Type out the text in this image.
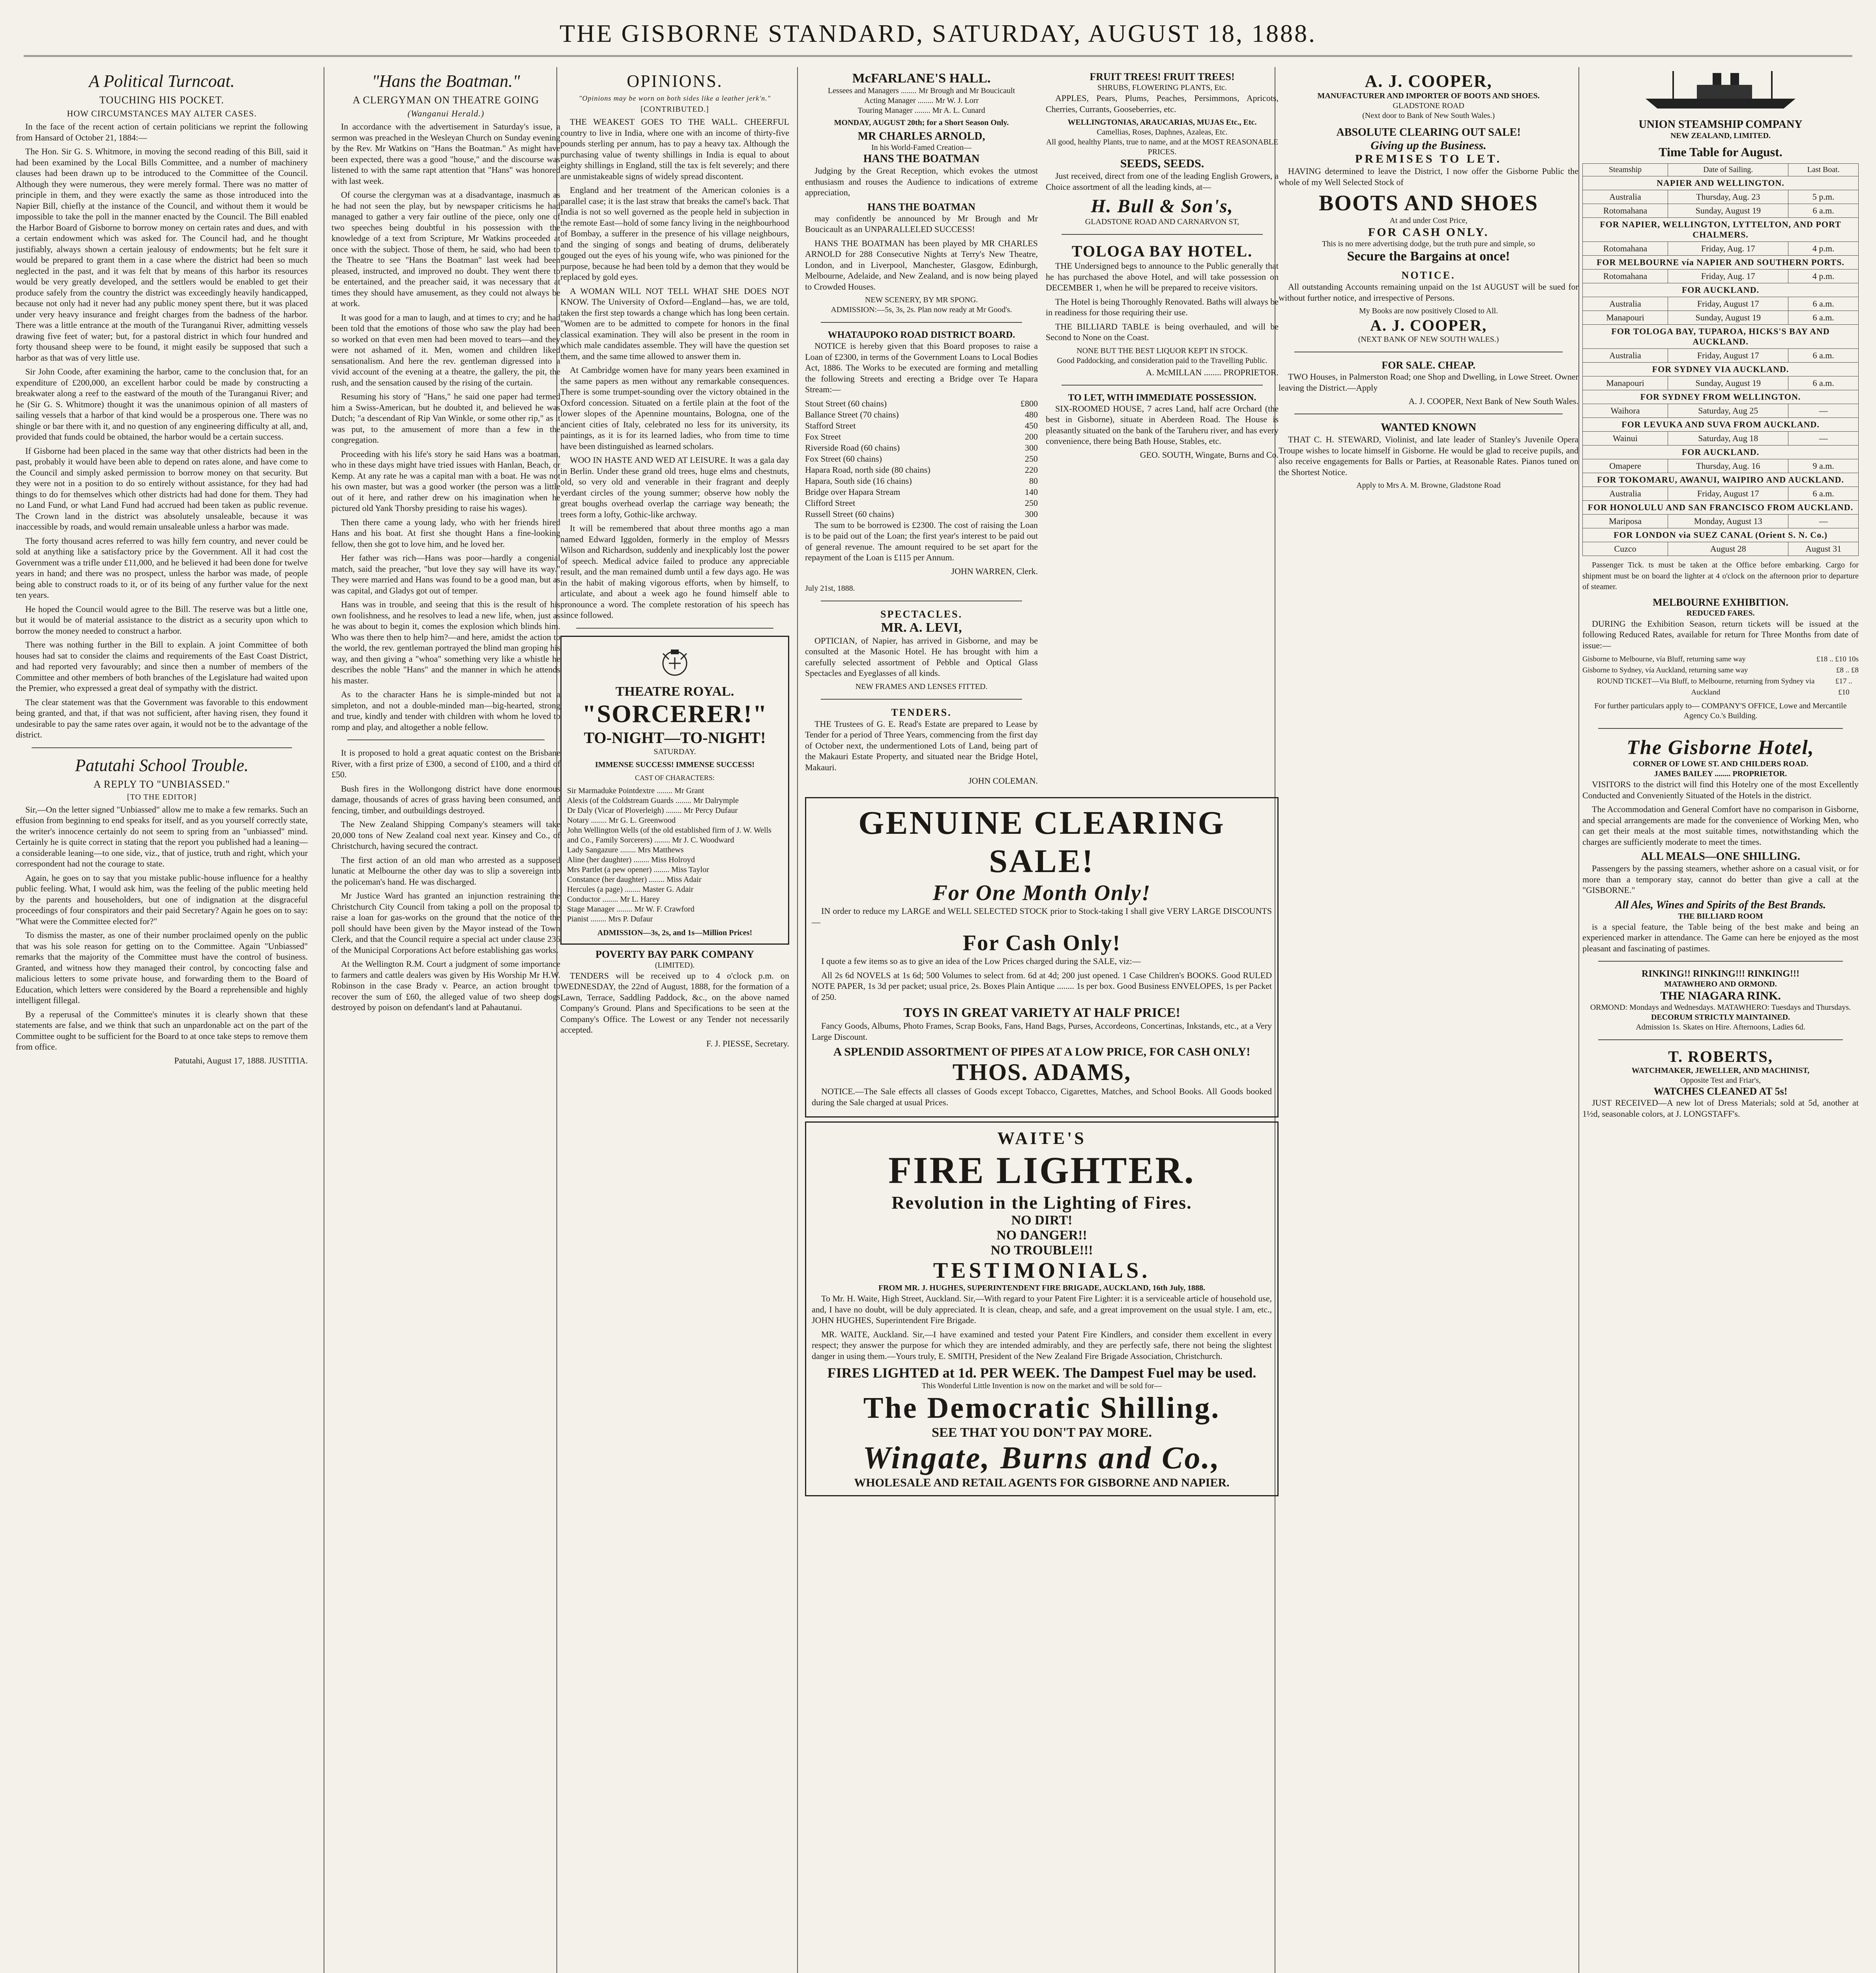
THE GISBORNE STANDARD, SATURDAY, AUGUST 18, 1888.
A Political Turncoat.
TOUCHING HIS POCKET.
HOW CIRCUMSTANCES MAY ALTER CASES.

In the face of the recent action of certain politicians we reprint the following from Hansard of October 21, 1884:—

The Hon. Sir G. S. Whitmore, in moving the second reading of this Bill, said it had been examined by the Local Bills Committee, and a number of machinery clauses had been drawn up to be introduced to the Committee of the Council. Although they were numerous, they were merely formal. There was no matter of principle in them, and they were exactly the same as those introduced into the Napier Bill, chiefly at the instance of the Council, and without them it would be impossible to take the poll in the manner enacted by the Council. The Bill enabled the Harbor Board of Gisborne to borrow money on certain rates and dues, and with a certain endowment which was asked for. The Council had, and he thought justifiably, always shown a certain jealousy of endowments; but he felt sure it would be prepared to grant them in a case where the district had been so much neglected in the past, and it was felt that by means of this harbor its resources would be very greatly developed, and the settlers would be enabled to get their produce safely from the country the district was exceedingly heavily handicapped, because not only had it never had any public money spent there, but it was placed under very heavy insurance and freight charges from the badness of the harbor. There was a little entrance at the mouth of the Turanganui River, admitting vessels drawing five feet of water; but, for a pastoral district in which four hundred and forty thousand sheep were to be found, it might easily be supposed that such a harbor as that was of very little use.

Sir John Coode, after examining the harbor, came to the conclusion that, for an expenditure of £200,000, an excellent harbor could be made by constructing a breakwater along a reef to the eastward of the mouth of the Turanganui River; and he (Sir G. S. Whitmore) thought it was the unanimous opinion of all masters of sailing vessels that a harbor of that kind would be a prosperous one. There was no shingle or bar there with it, and no question of any engineering difficulty at all, and, provided that funds could be obtained, the harbor would be a certain success.

If Gisborne had been placed in the same way that other districts had been in the past, probably it would have been able to depend on rates alone, and have come to the Council and simply asked permission to borrow money on that security. But they were not in a position to do so entirely without assistance, for they had had things to do for themselves which other districts had had done for them. They had no Land Fund, or what Land Fund had accrued had been taken as public revenue. The Crown land in the district was absolutely unsaleable, because it was inaccessible by roads, and would remain unsaleable unless a harbor was made.

The forty thousand acres referred to was hilly fern country, and never could be sold at anything like a satisfactory price by the Government. All it had cost the Government was a trifle under £11,000, and he believed it had been done for twelve years in hand; and there was no prospect, unless the harbor was made, of people being able to construct roads to it, or of its being of any further value for the next ten years.

He hoped the Council would agree to the Bill. The reserve was but a little one, but it would be of material assistance to the district as a security upon which to borrow the money needed to construct a harbor.

There was nothing further in the Bill to explain. A joint Committee of both houses had sat to consider the claims and requirements of the East Coast District, and had reported very favourably; and since then a number of members of the Committee and other members of both branches of the Legislature had waited upon the Premier, who expressed a great deal of sympathy with the district.

The clear statement was that the Government was favorable to this endowment being granted, and that, if that was not sufficient, after having risen, they found it undesirable to pay the same rates over again, it would not be to the advantage of the district.

Patutahi School Trouble.
A REPLY TO "UNBIASSED."
[TO THE EDITOR]

Sir,—On the letter signed "Unbiassed" allow me to make a few remarks. Such an effusion from beginning to end speaks for itself, and as you yourself correctly state, the writer's innocence certainly do not seem to spring from an "unbiassed" mind. Certainly he is quite correct in stating that the report you published had a leaning—a considerable leaning—to one side, viz., that of justice, truth and right, which your correspondent had not the courage to state.

Again, he goes on to say that you mistake public-house influence for a healthy public feeling. What, I would ask him, was the feeling of the public meeting held by the parents and householders, but one of indignation at the disgraceful proceedings of four conspirators and their paid Secretary? Again he goes on to say: "What were the Committee elected for?"

To dismiss the master, as one of their number proclaimed openly on the public that was his sole reason for getting on to the Committee. Again "Unbiassed" remarks that the majority of the Committee must have the control of business. Granted, and witness how they managed their control, by concocting false and malicious letters to some private house, and forwarding them to the Board of Education, which letters were considered by the Board a reprehensible and highly intelligent fillegal.

By a reperusal of the Committee's minutes it is clearly shown that these statements are false, and we think that such an unpardonable act on the part of the Committee ought to be sufficient for the Board to at once take steps to remove them from office.

Patutahi, August 17, 1888. JUSTITIA.
"Hans the Boatman."
A CLERGYMAN ON THEATRE GOING
(Wanganui Herald.)

In accordance with the advertisement in Saturday's issue, a sermon was preached in the Wesleyan Church on Sunday evening by the Rev. Mr Watkins on "Hans the Boatman." As might have been expected, there was a good "house," and the discourse was listened to with the same rapt attention that "Hans" was honored with last week.

Of course the clergyman was at a disadvantage, inasmuch as he had not seen the play, but by newspaper criticisms he had managed to gather a very fair outline of the piece, only one of two speeches being doubtful in his possession with the knowledge of a text from Scripture, Mr Watkins proceeded at once with the subject. Those of them, he said, who had been to the Theatre to see "Hans the Boatman" last week had been pleased, instructed, and improved no doubt. They went there to be entertained, and the preacher said, it was necessary that at times they should have amusement, as they could not always be at work.

It was good for a man to laugh, and at times to cry; and he had been told that the emotions of those who saw the play had been so worked on that even men had been moved to tears—and they were not ashamed of it. Men, women and children liked sensationalism. And here the rev. gentleman digressed into a vivid account of the evening at a theatre, the gallery, the pit, the rush, and the sensation caused by the rising of the curtain.

Resuming his story of "Hans," he said one paper had termed him a Swiss-American, but he doubted it, and believed he was Dutch; "a descendant of Rip Van Winkle, or some other rip," as it was put, to the amusement of more than a few in the congregation.

Proceeding with his life's story he said Hans was a boatman, who in these days might have tried issues with Hanlan, Beach, or Kemp. At any rate he was a capital man with a boat. He was not his own master, but was a good worker (the person was a little out of it here, and rather drew on his imagination when he pictured old Yank Thorsby presiding to raise his wages).

Then there came a young lady, who with her friends hired Hans and his boat. At first she thought Hans a fine-looking fellow, then she got to love him, and he loved her.

Her father was rich—Hans was poor—hardly a congenial match, said the preacher, "but love they say will have its way." They were married and Hans was found to be a good man, but as was capital, and Gladys got out of temper.

Hans was in trouble, and seeing that this is the result of his own foolishness, and he resolves to lead a new life, when, just as he was about to begin it, comes the explosion which blinds him. Who was there then to help him?—and here, amidst the action to the world, the rev. gentleman portrayed the blind man groping his way, and then giving a "whoa" something very like a whistle he describes the noble "Hans" and the manner in which he attends his master.

As to the character Hans he is simple-minded but not a simpleton, and not a double-minded man—big-hearted, strong and true, kindly and tender with children with whom he loved to romp and play, and altogether a noble fellow.

It is proposed to hold a great aquatic contest on the Brisbane River, with a first prize of £300, a second of £100, and a third of £50.

Bush fires in the Wollongong district have done enormous damage, thousands of acres of grass having been consumed, and fencing, timber, and outbuildings destroyed.

The New Zealand Shipping Company's steamers will take 20,000 tons of New Zealand coal next year. Kinsey and Co., of Christchurch, having secured the contract.

The first action of an old man who arrested as a supposed lunatic at Melbourne the other day was to slip a sovereign into the policeman's hand. He was discharged.

Mr Justice Ward has granted an injunction restraining the Christchurch City Council from taking a poll on the proposal to raise a loan for gas-works on the ground that the notice of the poll should have been given by the Mayor instead of the Town Clerk, and that the Council require a special act under clause 236 of the Municipal Corporations Act before establishing gas works.

At the Wellington R.M. Court a judgment of some importance to farmers and cattle dealers was given by His Worship Mr H.W. Robinson in the case Brady v. Pearce, an action brought to recover the sum of £60, the alleged value of two sheep dogs destroyed by poison on defendant's land at Pahautanui.

OPINIONS.
"Opinions may be worn on both sides like a leather jerk'n."
[CONTRIBUTED.]

THE WEAKEST GOES TO THE WALL. CHEERFUL country to live in India, where one with an income of thirty-five pounds sterling per annum, has to pay a heavy tax. Although the purchasing value of twenty shillings in India is equal to about eighty shillings in England, still the tax is felt severely; and there are unmistakeable signs of widely spread discontent.

England and her treatment of the American colonies is a parallel case; it is the last straw that breaks the camel's back. That India is not so well governed as the people held in subjection in the remote East—hold of some fancy living in the neighbourhood of Bombay, a sufferer in the presence of his village neighbours, and the singing of songs and beating of drums, deliberately gouged out the eyes of his young wife, who was pinioned for the purpose, because he had been told by a demon that they would be replaced by gold eyes.

A WOMAN WILL NOT TELL WHAT SHE DOES NOT KNOW. The University of Oxford—England—has, we are told, taken the first step towards a change which has long been certain. "Women are to be admitted to compete for honors in the final classical examination. They will also be present in the room in which male candidates assemble. They will have the question set them, and the same time allowed to answer them in.

At Cambridge women have for many years been examined in the same papers as men without any remarkable consequences. There is some trumpet-sounding over the victory obtained in the Oxford concession. Situated on a fertile plain at the foot of the lower slopes of the Apennine mountains, Bologna, one of the ancient cities of Italy, celebrated no less for its university, its paintings, as it is for its learned ladies, who from time to time have been distinguished as learned scholars.

WOO IN HASTE AND WED AT LEISURE. It was a gala day in Berlin. Under these grand old trees, huge elms and chestnuts, old, so very old and venerable in their fragrant and deeply verdant circles of the young summer; observe how nobly the great boughs overhead overlap the carriage way beneath; the trees form a lofty, Gothic-like archway.

It will be remembered that about three months ago a man named Edward Iggolden, formerly in the employ of Messrs Wilson and Richardson, suddenly and inexplicably lost the power of speech. Medical advice failed to produce any appreciable result, and the man remained dumb until a few days ago. He was in the habit of making vigorous efforts, when by himself, to articulate, and about a week ago he found himself able to pronounce a word. The complete restoration of his speech has since followed.

THEATRE ROYAL.
"SORCERER!"
TO-NIGHT—TO-NIGHT!
SATURDAY.
IMMENSE SUCCESS! IMMENSE SUCCESS!
CAST OF CHARACTERS:
Sir Marmaduke Pointdextre ........ Mr Grant
Alexis (of the Coldstream Guards ........ Mr Dalrymple
Dr Daly (Vicar of Ploverleigh) ........ Mr Percy Dufaur
Notary ........ Mr G. L. Greenwood
John Wellington Wells (of the old established firm of J. W. Wells and Co., Family Sorcerers) ........ Mr J. C. Woodward
Lady Sangazure ........ Mrs Matthews
Aline (her daughter) ........ Miss Holroyd
Mrs Partlet (a pew opener) ........ Miss Taylor
Constance (her daughter) ........ Miss Adair
Hercules (a page) ........ Master G. Adair
Conductor ........ Mr L. Harey
Stage Manager ........ Mr W. F. Crawford
Pianist ........ Mrs P. Dufaur
ADMISSION—3s, 2s, and 1s—Million Prices!
POVERTY BAY PARK COMPANY
(LIMITED).

TENDERS will be received up to 4 o'clock p.m. on WEDNESDAY, the 22nd of August, 1888, for the formation of a Lawn, Terrace, Saddling Paddock, &c., on the above named Company's Ground. Plans and Specifications to be seen at the Company's Office. The Lowest or any Tender not necessarily accepted.

F. J. PIESSE, Secretary.
McFARLANE'S HALL.
Lessees and Managers ........ Mr Brough and Mr Boucicault
Acting Manager ........ Mr W. J. Lorr
Touring Manager ........ Mr A. L. Cunard
MONDAY, AUGUST 20th; for a Short Season Only.
MR CHARLES ARNOLD,
In his World-Famed Creation—
HANS THE BOATMAN

Judging by the Great Reception, which evokes the utmost enthusiasm and rouses the Audience to indications of extreme appreciation,

HANS THE BOATMAN

may confidently be announced by Mr Brough and Mr Boucicault as an UNPARALLELED SUCCESS!

HANS THE BOATMAN has been played by MR CHARLES ARNOLD for 288 Consecutive Nights at Terry's New Theatre, London, and in Liverpool, Manchester, Glasgow, Edinburgh, Melbourne, Adelaide, and New Zealand, and is now being played to Crowded Houses.

NEW SCENERY, BY MR SPONG.
ADMISSION:—5s, 3s, 2s. Plan now ready at Mr Good's.
WHATAUPOKO ROAD DISTRICT BOARD.

NOTICE is hereby given that this Board proposes to raise a Loan of £2300, in terms of the Government Loans to Local Bodies Act, 1886. The Works to be executed are forming and metalling the following Streets and erecting a Bridge over Te Hapara Stream:—

Stout Street (60 chains)	£800
Ballance Street (70 chains)	480
Stafford Street	450
Fox Street	200
Riverside Road (60 chains)	300
Fox Street (60 chains)	250
Hapara Road, north side (80 chains)	220
Hapara, South side (16 chains)	80
Bridge over Hapara Stream	140
Clifford Street	250
Russell Street (60 chains)	300

The sum to be borrowed is £2300. The cost of raising the Loan is to be paid out of the Loan; the first year's interest to be paid out of general revenue. The amount required to be set apart for the repayment of the Loan is £115 per Annum.

JOHN WARREN, Clerk.
July 21st, 1888.
SPECTACLES.
MR. A. LEVI,

OPTICIAN, of Napier, has arrived in Gisborne, and may be consulted at the Masonic Hotel. He has brought with him a carefully selected assortment of Pebble and Optical Glass Spectacles and Eyeglasses of all kinds.

NEW FRAMES AND LENSES FITTED.
TENDERS.

THE Trustees of G. E. Read's Estate are prepared to Lease by Tender for a period of Three Years, commencing from the first day of October next, the undermentioned Lots of Land, being part of the Makauri Estate Property, and situated near the Bridge Hotel, Makauri.

JOHN COLEMAN.
FRUIT TREES! FRUIT TREES!
SHRUBS, FLOWERING PLANTS, Etc.

APPLES, Pears, Plums, Peaches, Persimmons, Apricots, Cherries, Currants, Gooseberries, etc.

WELLINGTONIAS, ARAUCARIAS, MUJAS Etc., Etc.
Camellias, Roses, Daphnes, Azaleas, Etc.
All good, healthy Plants, true to name, and at the MOST REASONABLE PRICES.
SEEDS, SEEDS.

Just received, direct from one of the leading English Growers, a Choice assortment of all the leading kinds, at—

H. Bull & Son's,
GLADSTONE ROAD AND CARNARVON ST,
TOLOGA BAY HOTEL.

THE Undersigned begs to announce to the Public generally that he has purchased the above Hotel, and will take possession on DECEMBER 1, when he will be prepared to receive visitors.

The Hotel is being Thoroughly Renovated. Baths will always be in readiness for those requiring their use.

THE BILLIARD TABLE is being overhauled, and will be Second to None on the Coast.

NONE BUT THE BEST LIQUOR KEPT IN STOCK.
Good Paddocking, and consideration paid to the Travelling Public.
A. McMILLAN ........ PROPRIETOR.
TO LET, WITH IMMEDIATE POSSESSION.

SIX-ROOMED HOUSE, 7 acres Land, half acre Orchard (the best in Gisborne), situate in Aberdeen Road. The House is pleasantly situated on the bank of the Taruheru river, and has every convenience, there being Bath House, Stables, etc.

GEO. SOUTH, Wingate, Burns and Co.
GENUINE CLEARING SALE!
For One Month Only!

IN order to reduce my LARGE and WELL SELECTED STOCK prior to Stock-taking I shall give VERY LARGE DISCOUNTS—

For Cash Only!

I quote a few items so as to give an idea of the Low Prices charged during the SALE, viz:—

All 2s 6d NOVELS at 1s 6d; 500 Volumes to select from. 6d at 4d; 200 just opened. 1 Case Children's BOOKS. Good RULED NOTE PAPER, 1s 3d per packet; usual price, 2s. Boxes Plain Antique ........ 1s per box. Good Business ENVELOPES, 1s per Packet of 250.

TOYS IN GREAT VARIETY AT HALF PRICE!

Fancy Goods, Albums, Photo Frames, Scrap Books, Fans, Hand Bags, Purses, Accordeons, Concertinas, Inkstands, etc., at a Very Large Discount.

A SPLENDID ASSORTMENT OF PIPES AT A LOW PRICE, FOR CASH ONLY!
THOS. ADAMS,

NOTICE.—The Sale effects all classes of Goods except Tobacco, Cigarettes, Matches, and School Books. All Goods booked during the Sale charged at usual Prices.

WAITE'S
FIRE LIGHTER.
Revolution in the Lighting of Fires.
NO DIRT!
NO DANGER!!
NO TROUBLE!!!
TESTIMONIALS.
FROM MR. J. HUGHES, SUPERINTENDENT FIRE BRIGADE, AUCKLAND, 16th July, 1888.

To Mr. H. Waite, High Street, Auckland. Sir,—With regard to your Patent Fire Lighter: it is a serviceable article of household use, and, I have no doubt, will be duly appreciated. It is clean, cheap, and safe, and a great improvement on the usual style. I am, etc., JOHN HUGHES, Superintendent Fire Brigade.

MR. WAITE, Auckland. Sir,—I have examined and tested your Patent Fire Kindlers, and consider them excellent in every respect; they answer the purpose for which they are intended admirably, and they are perfectly safe, there not being the slightest danger in using them.—Yours truly, E. SMITH, President of the New Zealand Fire Brigade Association, Christchurch.

FIRES LIGHTED at 1d. PER WEEK. The Dampest Fuel may be used.
This Wonderful Little Invention is now on the market and will be sold for—
The Democratic Shilling.
SEE THAT YOU DON'T PAY MORE.
Wingate, Burns and Co.,
WHOLESALE AND RETAIL AGENTS FOR GISBORNE AND NAPIER.
A. J. COOPER,
MANUFACTURER AND IMPORTER OF BOOTS AND SHOES.
GLADSTONE ROAD
(Next door to Bank of New South Wales.)
ABSOLUTE CLEARING OUT SALE!
Giving up the Business.
PREMISES TO LET.

HAVING determined to leave the District, I now offer the Gisborne Public the whole of my Well Selected Stock of

BOOTS AND SHOES
At and under Cost Price,
FOR CASH ONLY.
This is no mere advertising dodge, but the truth pure and simple, so
Secure the Bargains at once!
NOTICE.

All outstanding Accounts remaining unpaid on the 1st AUGUST will be sued for without further notice, and irrespective of Persons.

My Books are now positively Closed to All.
A. J. COOPER,
(NEXT BANK OF NEW SOUTH WALES.)
FOR SALE. CHEAP.

TWO Houses, in Palmerston Road; one Shop and Dwelling, in Lowe Street. Owner leaving the District.—Apply

A. J. COOPER, Next Bank of New South Wales.
WANTED KNOWN

THAT C. H. STEWARD, Violinist, and late leader of Stanley's Juvenile Opera Troupe wishes to locate himself in Gisborne. He would be glad to receive pupils, and also receive engagements for Balls or Parties, at Reasonable Rates. Pianos tuned on the Shortest Notice.

Apply to Mrs A. M. Browne, Gladstone Road
UNION STEAMSHIP COMPANY
NEW ZEALAND, LIMITED.
Time Table for August.
Steamship	Date of Sailing.	Last Boat.
NAPIER AND WELLINGTON.		
Australia	Thursday, Aug. 23	5 p.m.
Rotomahana	Sunday, August 19	6 a.m.
FOR NAPIER, WELLINGTON, LYTTELTON, AND PORT CHALMERS.		
Rotomahana	Friday, Aug. 17	4 p.m.
FOR MELBOURNE vía NAPIER AND SOUTHERN PORTS.		
Rotomahana	Friday, Aug. 17	4 p.m.
FOR AUCKLAND.		
Australia	Friday, August 17	6 a.m.
Manapouri	Sunday, August 19	6 a.m.
FOR TOLOGA BAY, TUPAROA, HICKS'S BAY AND AUCKLAND.		
Australia	Friday, August 17	6 a.m.
FOR SYDNEY VIA AUCKLAND.		
Manapouri	Sunday, August 19	6 a.m.
FOR SYDNEY FROM WELLINGTON.		
Waihora	Saturday, Aug 25	—
FOR LEVUKA AND SUVA FROM AUCKLAND.		
Wainui	Saturday, Aug 18	—
FOR AUCKLAND.		
Omapere	Thursday, Aug. 16	9 a.m.
FOR TOKOMARU, AWANUI, WAIPIRO AND AUCKLAND.		
Australia	Friday, August 17	6 a.m.
FOR HONOLULU AND SAN FRANCISCO FROM AUCKLAND.		
Mariposa	Monday, August 13	—
FOR LONDON via SUEZ CANAL (Orient S. N. Co.)		
Cuzco	August 28	August 31

Passenger Tick. ts must be taken at the Office before embarking. Cargo for shipment must be on board the lighter at 4 o'clock on the afternoon prior to departure of steamer.

MELBOURNE EXHIBITION.
REDUCED FARES.

DURING the Exhibition Season, return tickets will be issued at the following Reduced Rates, available for return for Three Months from date of issue:—

Gisborne to Melbourne, vía Bluff, returning same way	£18 .. £10 10s
Gisborne to Sydney, vía Auckland, returning same way	£8 .. £8
ROUND TICKET—Via Bluff, to Melbourne, returning from Sydney via Auckland
£17 .. £10
For further particulars apply to— COMPANY'S OFFICE, Lowe and Mercantile Agency Co.'s Building.
The Gisborne Hotel,
CORNER OF LOWE ST. AND CHILDERS ROAD.
JAMES BAILEY ........ PROPRIETOR.

VISITORS to the district will find this Hotelry one of the most Excellently Conducted and Conveniently Situated of the Hotels in the district.

The Accommodation and General Comfort have no comparison in Gisborne, and special arrangements are made for the convenience of Working Men, who can get their meals at the most suitable times, notwithstanding which the charges are sufficiently moderate to meet the times.

ALL MEALS—ONE SHILLING.

Passengers by the passing steamers, whether ashore on a casual visit, or for more than a temporary stay, cannot do better than give a call at the "GISBORNE."

All Ales, Wines and Spirits of the Best Brands.
THE BILLIARD ROOM

is a special feature, the Table being of the best make and being an experienced marker in attendance. The Game can here be enjoyed as the most pleasant and fascinating of pastimes.

RINKING!! RINKING!!! RINKING!!!
MATAWHERO AND ORMOND.
THE NIAGARA RINK.
ORMOND: Mondays and Wednesdays. MATAWHERO: Tuesdays and Thursdays.
DECORUM STRICTLY MAINTAINED.
Admission 1s. Skates on Hire. Afternoons, Ladies 6d.
T. ROBERTS,
WATCHMAKER, JEWELLER, AND MACHINIST,
Opposite Test and Friar's,
WATCHES CLEANED AT 5s!

JUST RECEIVED—A new lot of Dress Materials; sold at 5d, another at 1½d, seasonable colors, at J. LONGSTAFF's.
